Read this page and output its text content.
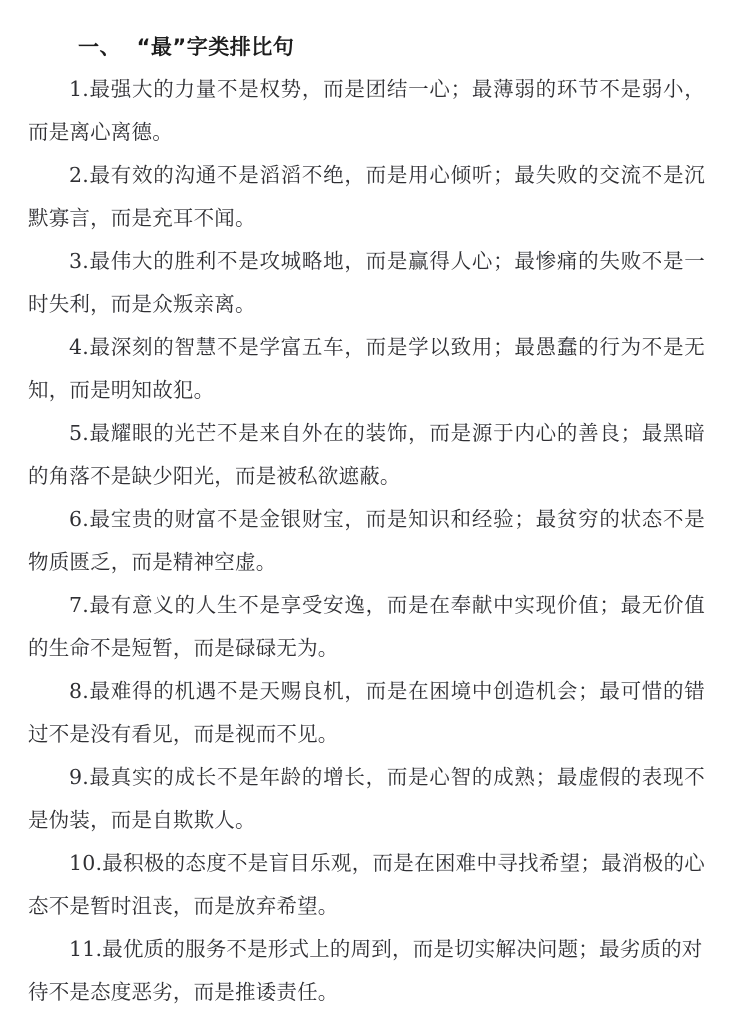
一、  “最”字类排比句

1.最强大的力量不是权势，而是团结一心；最薄弱的环节不是弱小，而是离心离德。

2.最有效的沟通不是滔滔不绝，而是用心倾听；最失败的交流不是沉默寡言，而是充耳不闻。

3.最伟大的胜利不是攻城略地，而是赢得人心；最惨痛的失败不是一时失利，而是众叛亲离。

4.最深刻的智慧不是学富五车，而是学以致用；最愚蠢的行为不是无知，而是明知故犯。

5.最耀眼的光芒不是来自外在的装饰，而是源于内心的善良；最黑暗的角落不是缺少阳光，而是被私欲遮蔽。

6.最宝贵的财富不是金银财宝，而是知识和经验；最贫穷的状态不是物质匮乏，而是精神空虚。

7.最有意义的人生不是享受安逸，而是在奉献中实现价值；最无价值的生命不是短暂，而是碌碌无为。

8.最难得的机遇不是天赐良机，而是在困境中创造机会；最可惜的错过不是没有看见，而是视而不见。

9.最真实的成长不是年龄的增长，而是心智的成熟；最虚假的表现不是伪装，而是自欺欺人。

10.最积极的态度不是盲目乐观，而是在困难中寻找希望；最消极的心态不是暂时沮丧，而是放弃希望。

11.最优质的服务不是形式上的周到，而是切实解决问题；最劣质的对待不是态度恶劣，而是推诿责任。
